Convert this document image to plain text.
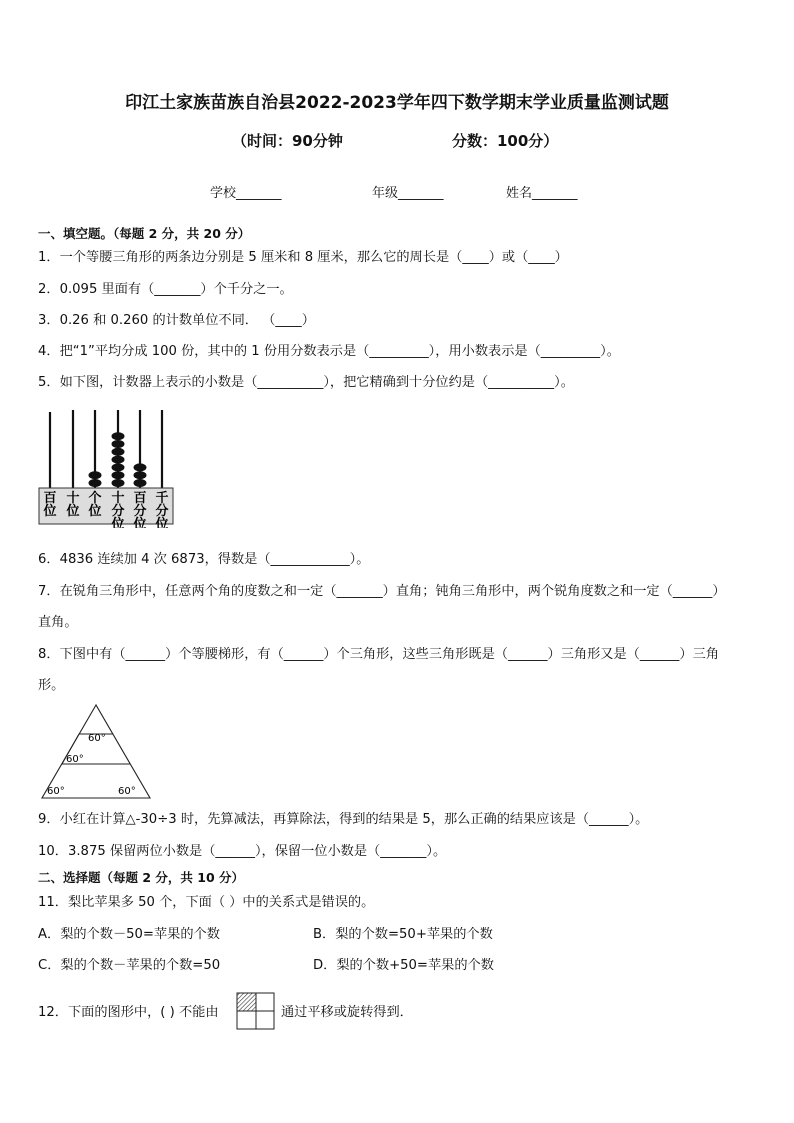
印江土家族苗族自治县2022-2023学年四下数学期末学业质量监测试题
（时间：90分钟	分数：100分）
学校_______	年级_______	姓名_______
一、填空题。（每题 2 分，共 20 分）
1．一个等腰三角形的两条边分别是 5 厘米和 8 厘米，那么它的周长是（____）或（____）
2．0.095 里面有（_______）个千分之一。
3．0.26 和 0.260 的计数单位不同． （____）
4．把“1”平均分成 100 份，其中的 1 份用分数表示是（_________），用小数表示是（_________）。
5．如下图，计数器上表示的小数是（__________），把它精确到十分位约是（__________）。
百
位
十
位
个
位
十
分
位
百
分
位
千
分
位
6．4836 连续加 4 次 6873，得数是（____________）。
7．在锐角三角形中，任意两个角的度数之和一定（_______）直角；钝角三角形中，两个锐角度数之和一定（______）
直角。
8．下图中有（______）个等腰梯形，有（______）个三角形，这些三角形既是（______）三角形又是（______）三角
形。
60°
60°
60°	60°
9．小红在计算△-30÷3 时，先算减法，再算除法，得到的结果是 5，那么正确的结果应该是（______）。
10．3.875 保留两位小数是（______），保留一位小数是（_______）。
二、选择题（每题 2 分，共 10 分）
11．梨比苹果多 50 个，下面（ ）中的关系式是错误的。
A．梨的个数－50=苹果的个数	B．梨的个数=50+苹果的个数
C．梨的个数－苹果的个数=50	D．梨的个数+50=苹果的个数
12．下面的图形中，( ) 不能由	通过平移或旋转得到．
